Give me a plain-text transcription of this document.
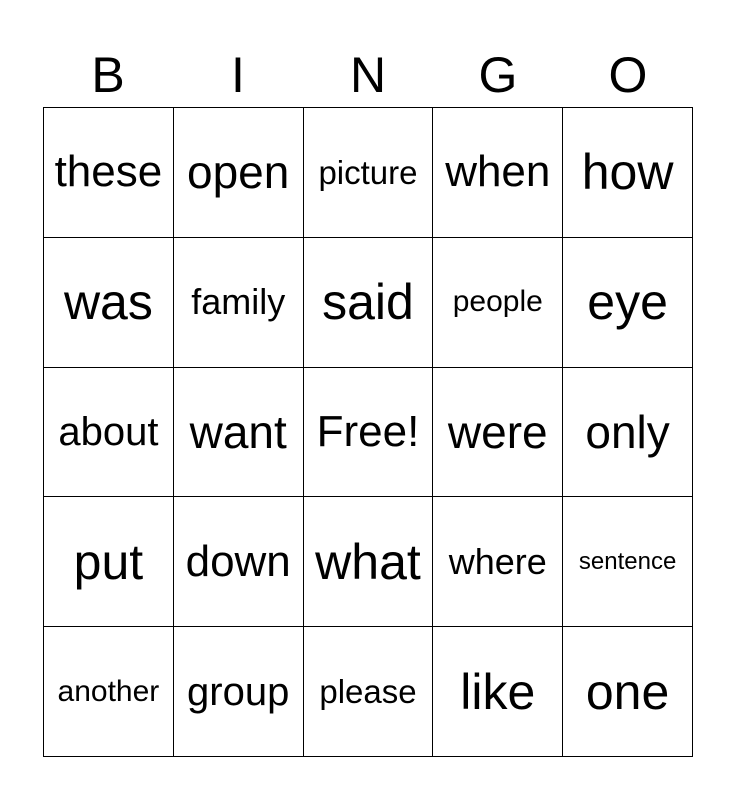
B	I	N	G	O
these open picture when how
was	family said	people eye
about want Free! were only
put down what where	sentence
another group please like	one
